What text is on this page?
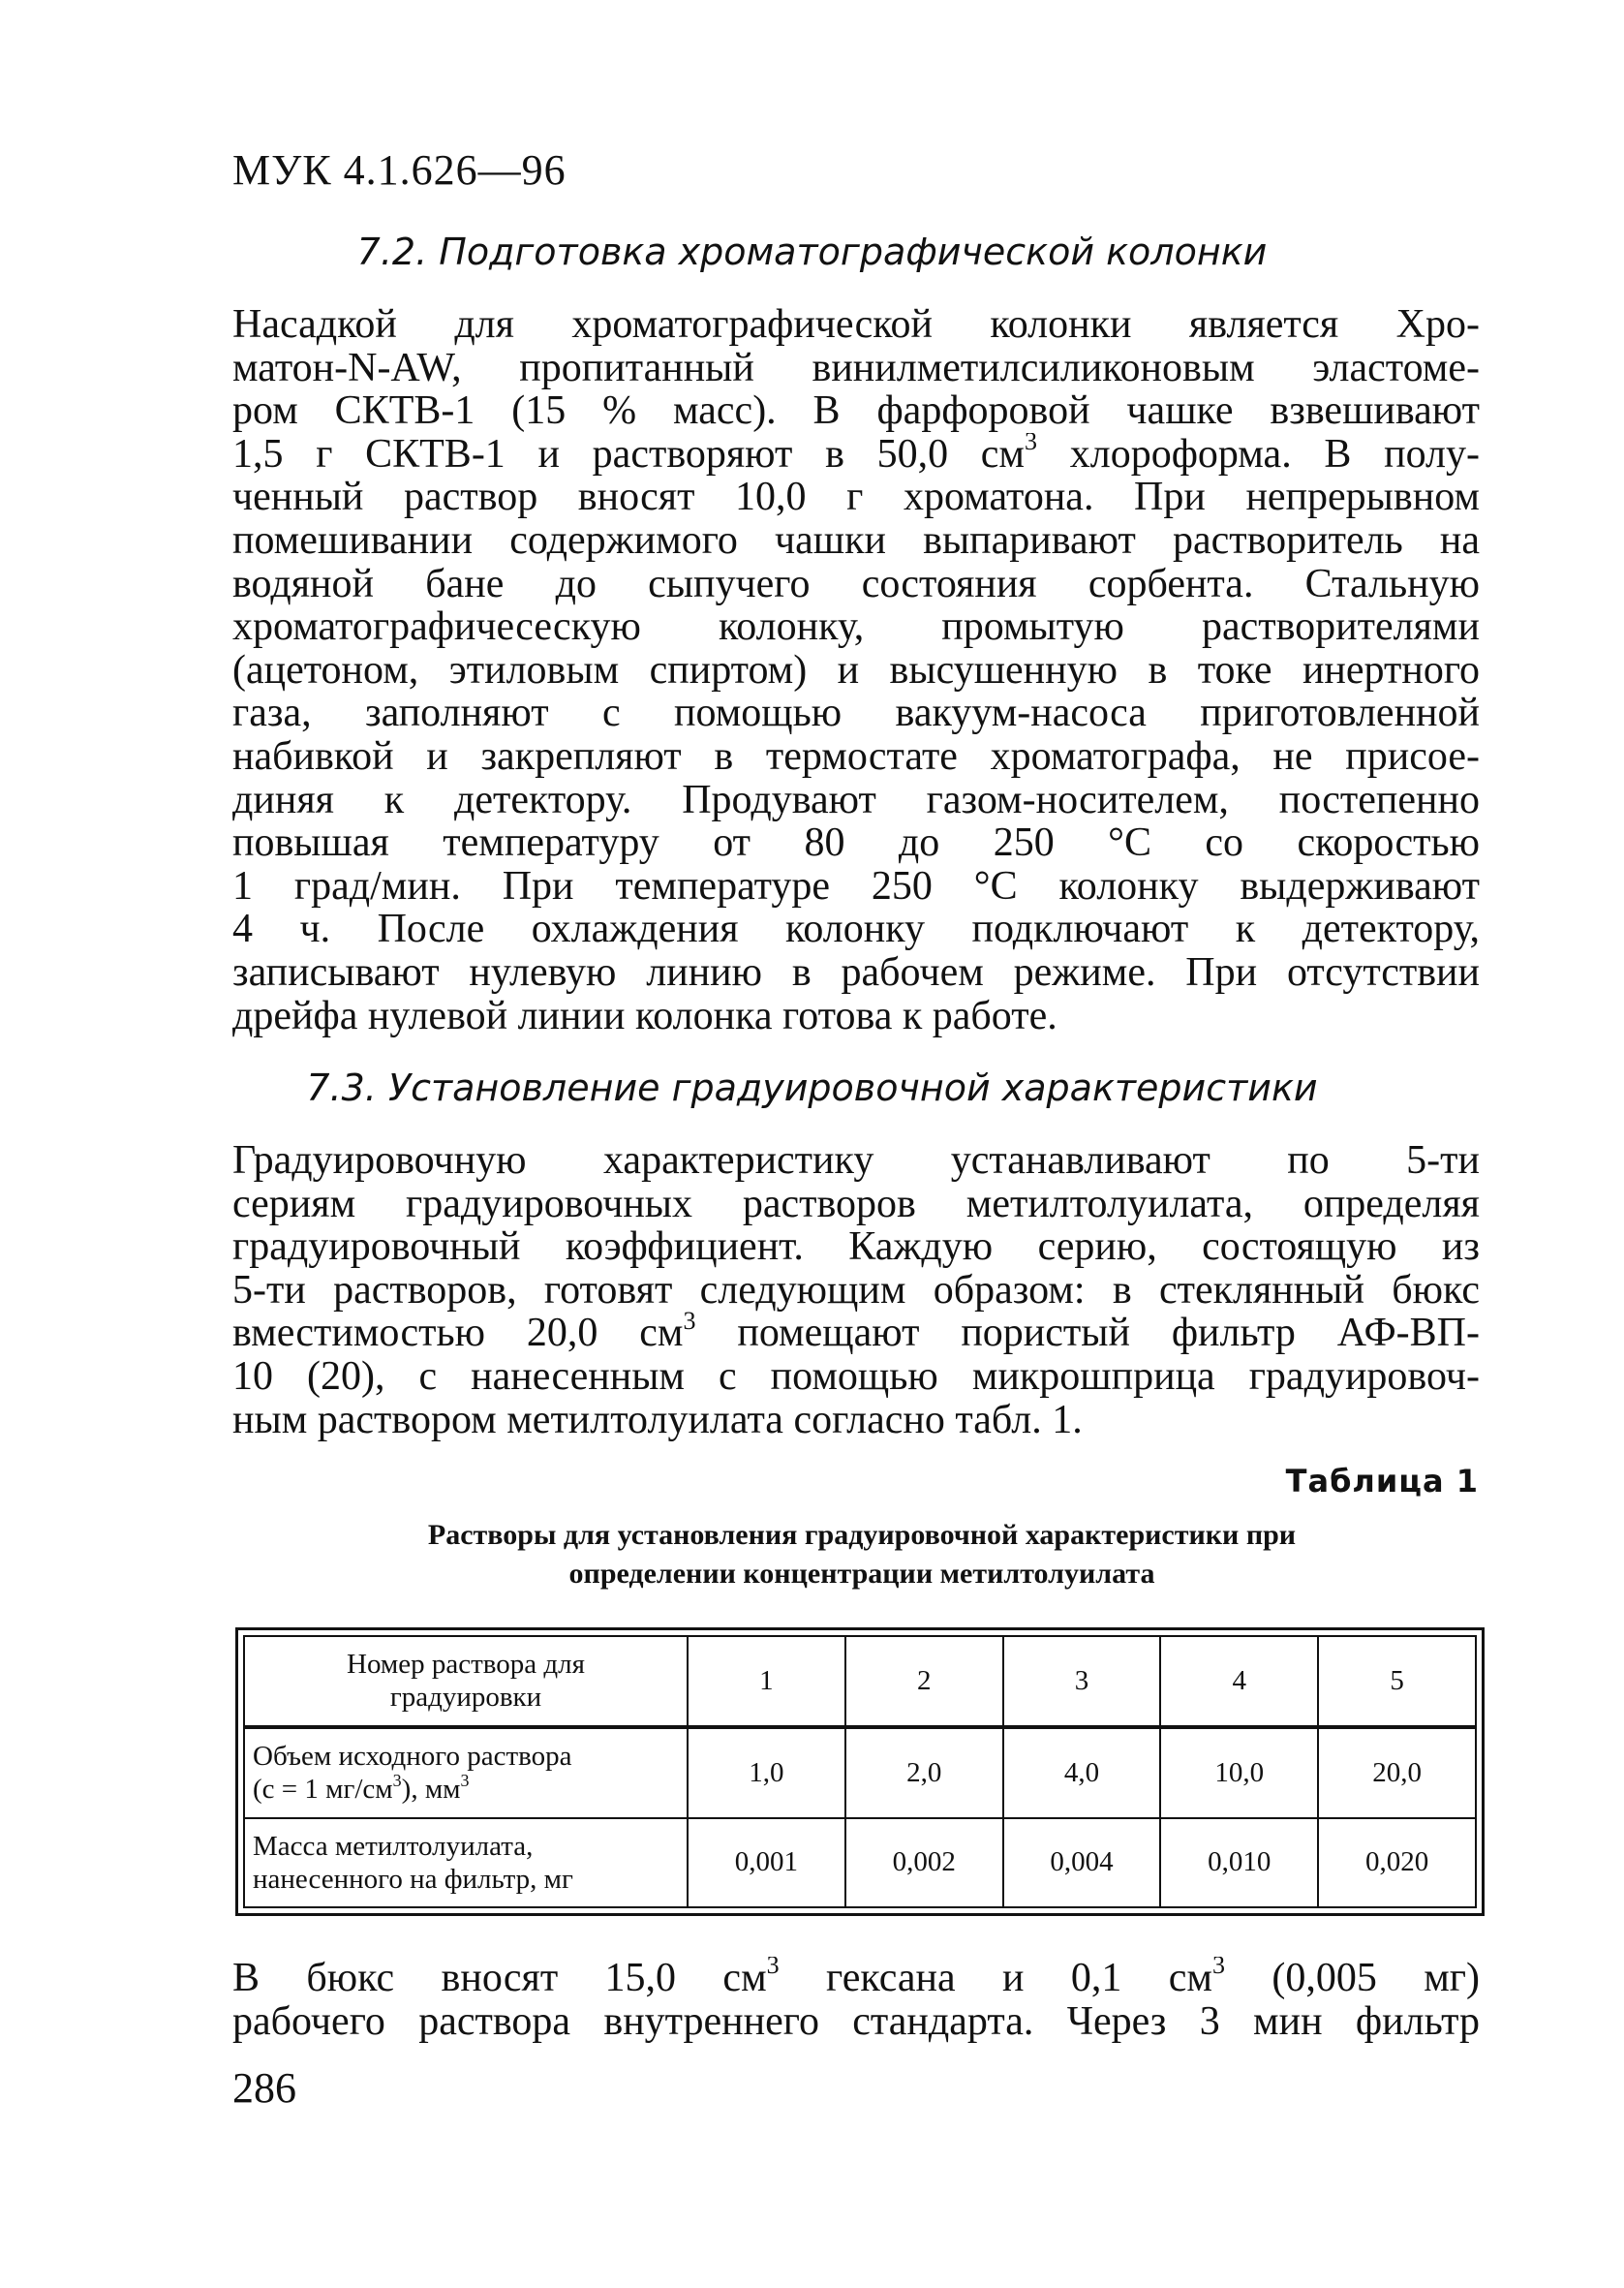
МУК 4.1.626—96
7.2. Подготовка хроматографической колонки
Насадкой для хроматографической колонки является Хро-
матон-N-AW, пропитанный винилметилсиликоновым эластоме-
ром СКТВ-1 (15 % масс). В фарфоровой чашке взвешивают
1,5 г СКТВ-1 и растворяют в 50,0 $см^3$ хлороформа. В полу-
ченный раствор вносят 10,0 г хроматона. При непрерывном
помешивании содержимого чашки выпаривают растворитель на
водяной бане до сыпучего состояния сорбента. Стальную
хроматографичесескую колонку, промытую растворителями
(ацетоном, этиловым спиртом) и высушенную в токе инертного
газа, заполняют с помощью вакуум-насоса приготовленной
набивкой и закрепляют в термостате хроматографа, не присое-
диняя к детектору. Продувают газом-носителем, постепенно
повышая температуру от 80 до 250 °С со скоростью
1 град/мин. При температуре 250 °С колонку выдерживают
4 ч. После охлаждения колонку подключают к детектору,
записывают нулевую линию в рабочем режиме. При отсутствии
дрейфа нулевой линии колонка готова к работе.
7.3. Установление градуировочной характеристики
Градуировочную характеристику устанавливают по 5-ти
сериям градуировочных растворов метилтолуилата, определяя
градуировочный коэффициент. Каждую серию, состоящую из
5-ти растворов, готовят следующим образом: в стеклянный бюкс
вместимостью 20,0 $см^3$ помещают пористый фильтр АФ-ВП-
10 (20), с нанесенным с помощью микрошприца градуировоч-
ным раствором метилтолуилата согласно табл. 1.
Таблица 1
Растворы для установления градуировочной характеристики при
определении концентрации метилтолуилата
Номер раствора для
градуировки	1	2	3	4	5

Объем исходного раствора
(с = 1 $мг/см^3$), $мм^3$	1,0	2,0	4,0	10,0	20,0

Масса метилтолуилата,
нанесенного на фильтр, мг	0,001	0,002	0,004	0,010	0,020
В бюкс вносят 15,0 $см^3$ гексана и 0,1 $см^3$ (0,005 мг)
рабочего раствора внутреннего стандарта. Через 3 мин фильтр
286
